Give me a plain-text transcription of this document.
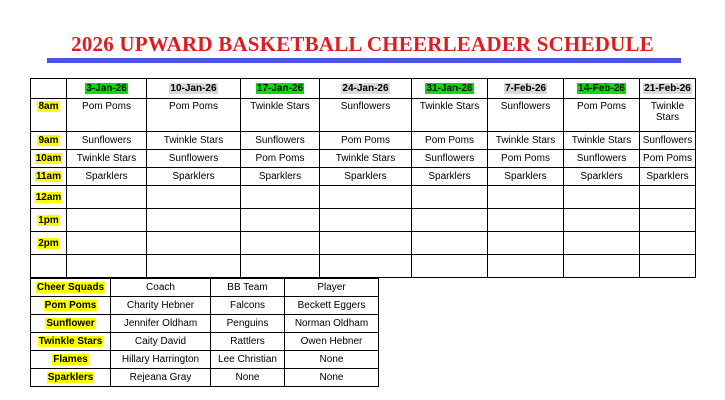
2026 UPWARD BASKETBALL CHEERLEADER SCHEDULE
	3-Jan-26	10-Jan-26	17-Jan-26	24-Jan-26	31-Jan-26	7-Feb-26	14-Feb-26	21-Feb-26
8am	Pom Poms	Pom Poms	Twinkle Stars	Sunflowers	Twinkle Stars	Sunflowers	Pom Poms	Twinkle Stars
9am	Sunflowers	Twinkle Stars	Sunflowers	Pom Poms	Pom Poms	Twinkle Stars	Twinkle Stars	Sunflowers
10am	Twinkle Stars	Sunflowers	Pom Poms	Twinkle Stars	Sunflowers	Pom Poms	Sunflowers	Pom Poms
11am	Sparklers	Sparklers	Sparklers	Sparklers	Sparklers	Sparklers	Sparklers	Sparklers
12am								
1pm								
2pm								

Cheer Squads	Coach	BB Team	Player
Pom Poms	Charity Hebner	Falcons	Beckett Eggers
Sunflower	Jennifer Oldham	Penguins	Norman Oldham
Twinkle Stars	Caity David	Rattlers	Owen Hebner
Flames	Hillary Harrington	Lee Christian	None
Sparklers	Rejeana Gray	None	None
